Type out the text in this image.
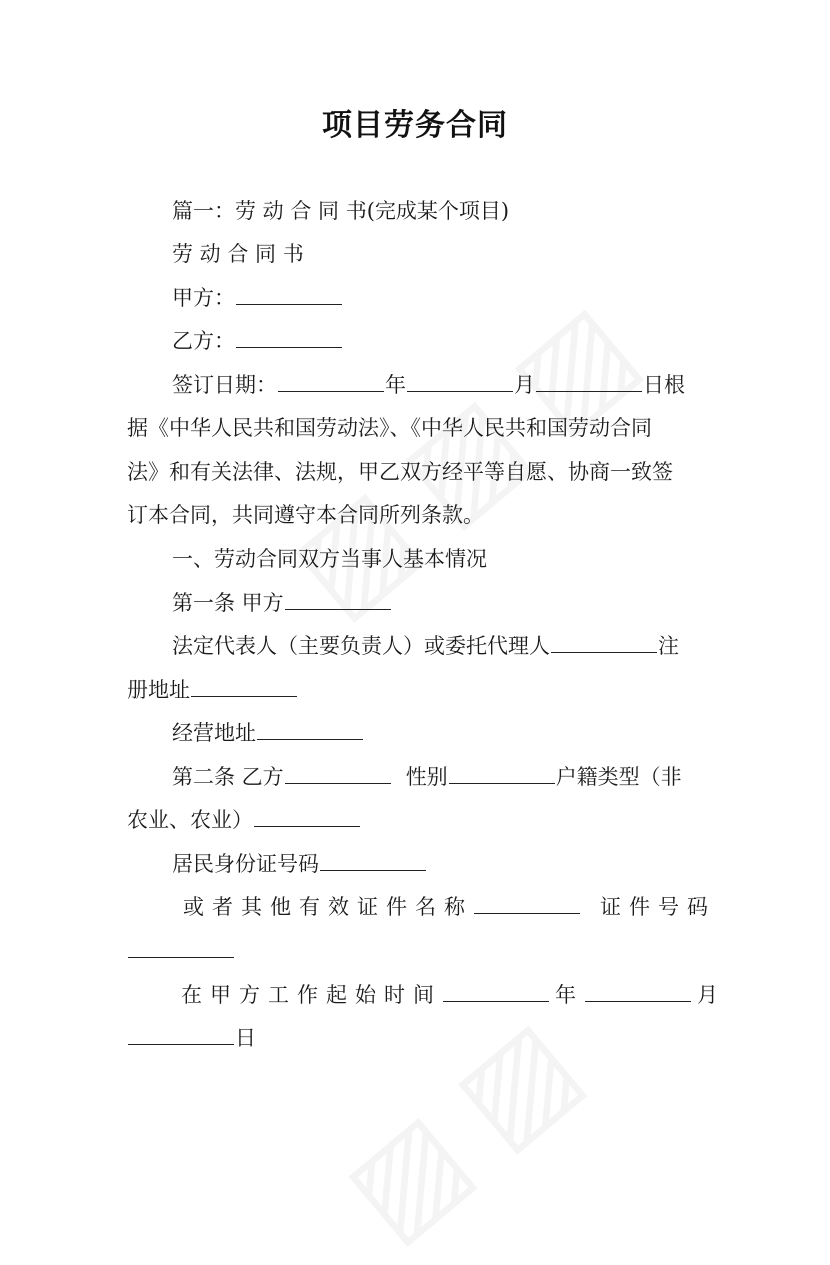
项目劳务合同
篇一：劳 动 合 同 书(完成某个项目)
劳 动 合 同 书
甲方：
乙方：
签订日期：	年	月	日根
据《中华人民共和国劳动法》、《中华人民共和国劳动合同
法》和有关法律、法规，甲乙双方经平等自愿、协商一致签
订本合同，共同遵守本合同所列条款。
一、劳动合同双方当事人基本情况
第一条 甲方
法定代表人（主要负责人）或委托代理人	注
册地址
经营地址
第二条 乙方	性别	户籍类型（非
农业、农业）
居民身份证号码
或者其他有效证件名称	证件号码
在甲方工作起始时间	年	月
日
